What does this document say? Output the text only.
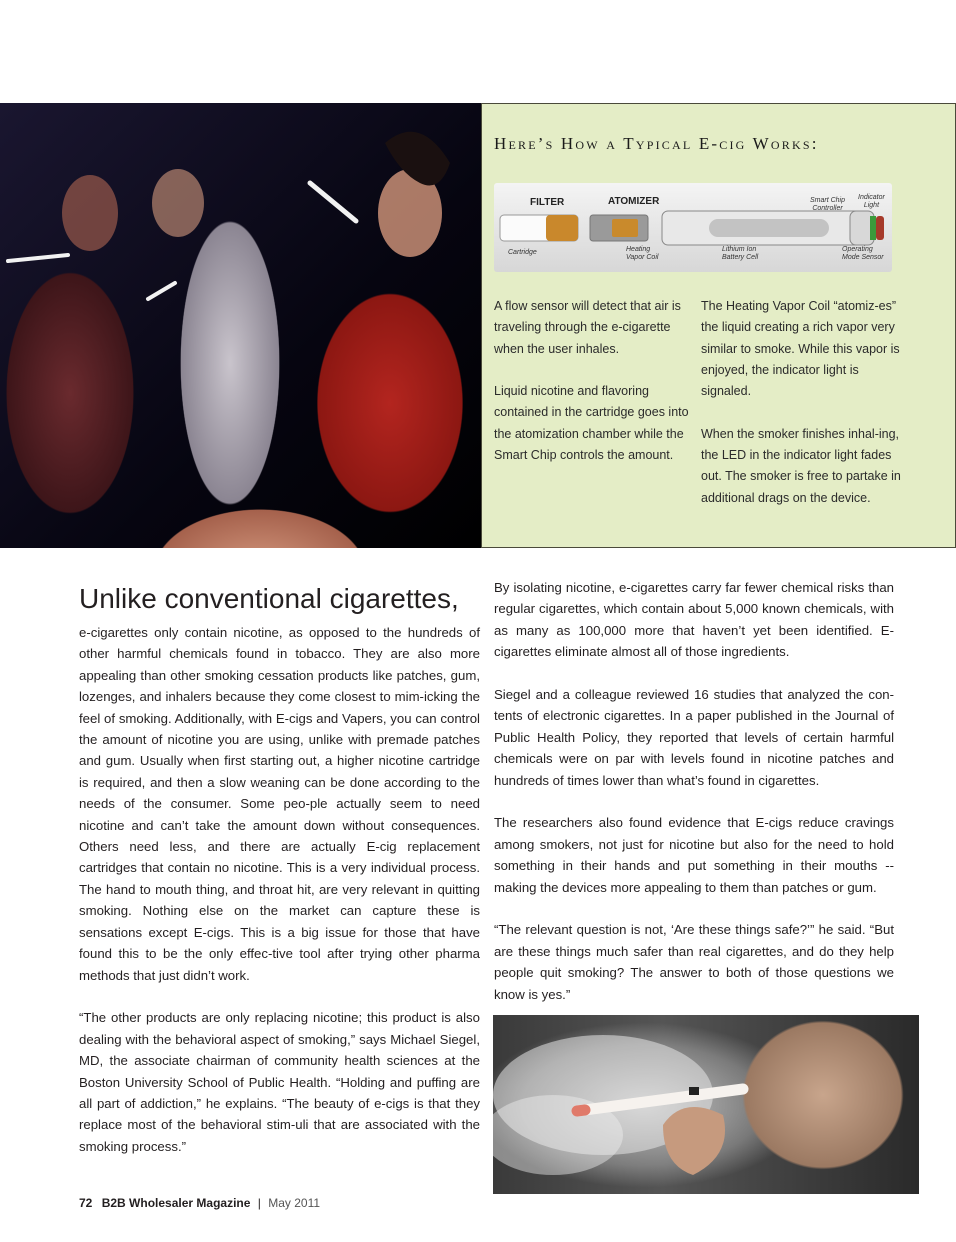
Here’s How a Typical E-cig Works:
FILTER	ATOMIZER	Smart Chip
Controller
Indicator
Light
Cartridge	Heating
Vapor Coil
Lithium Ion
Battery Cell
Operating
Mode Sensor

A flow sensor will detect that air is traveling through the e-cigarette when the user inhales.

Liquid nicotine and flavoring contained in the cartridge goes into the atomization chamber while the Smart Chip controls the amount.

The Heating Vapor Coil “atomiz-es” the liquid creating a rich vapor very similar to smoke. While this vapor is enjoyed, the indicator light is signaled.

When the smoker finishes inhal-ing, the LED in the indicator light fades out. The smoker is free to partake in additional drags on the device.

Unlike conventional cigarettes,

e-cigarettes only contain nicotine, as opposed to the hundreds of other harmful chemicals found in tobacco. They are also more appealing than other smoking cessation products like patches, gum, lozenges, and inhalers because they come closest to mim-icking the feel of smoking. Additionally, with E-cigs and Vapers, you can control the amount of nicotine you are using, unlike with premade patches and gum. Usually when first starting out, a higher nicotine cartridge is required, and then a slow weaning can be done according to the needs of the consumer. Some peo-ple actually seem to need nicotine and can’t take the amount down without consequences. Others need less, and there are actually E-cig replacement cartridges that contain no nicotine. This is a very individual process. The hand to mouth thing, and throat hit, are very relevant in quitting smoking. Nothing else on the market can capture these is sensations except E-cigs. This is a big issue for those that have found this to be the only effec-tive tool after trying other pharma methods that just didn’t work.

“The other products are only replacing nicotine; this product is also dealing with the behavioral aspect of smoking,” says Michael Siegel, MD, the associate chairman of community health sciences at the Boston University School of Public Health. “Holding and puffing are all part of addiction,” he explains. “The beauty of e-cigs is that they replace most of the behavioral stim-uli that are associated with the smoking process.”

By isolating nicotine, e-cigarettes carry far fewer chemical risks than regular cigarettes, which contain about 5,000 known chemicals, with as many as 100,000 more that haven’t yet been identified. E-cigarettes eliminate almost all of those ingredients.

Siegel and a colleague reviewed 16 studies that analyzed the con-tents of electronic cigarettes. In a paper published in the Journal of Public Health Policy, they reported that levels of certain harmful chemicals were on par with levels found in nicotine patches and hundreds of times lower than what’s found in cigarettes.

The researchers also found evidence that E-cigs reduce cravings among smokers, not just for nicotine but also for the need to hold something in their hands and put something in their mouths -- making the devices more appealing to them than patches or gum.

“The relevant question is not, ‘Are these things safe?’” he said. “But are these things much safer than real cigarettes, and do they help people quit smoking? The answer to both of those questions we know is yes.”

72 B2B Wholesaler Magazine | May 2011
